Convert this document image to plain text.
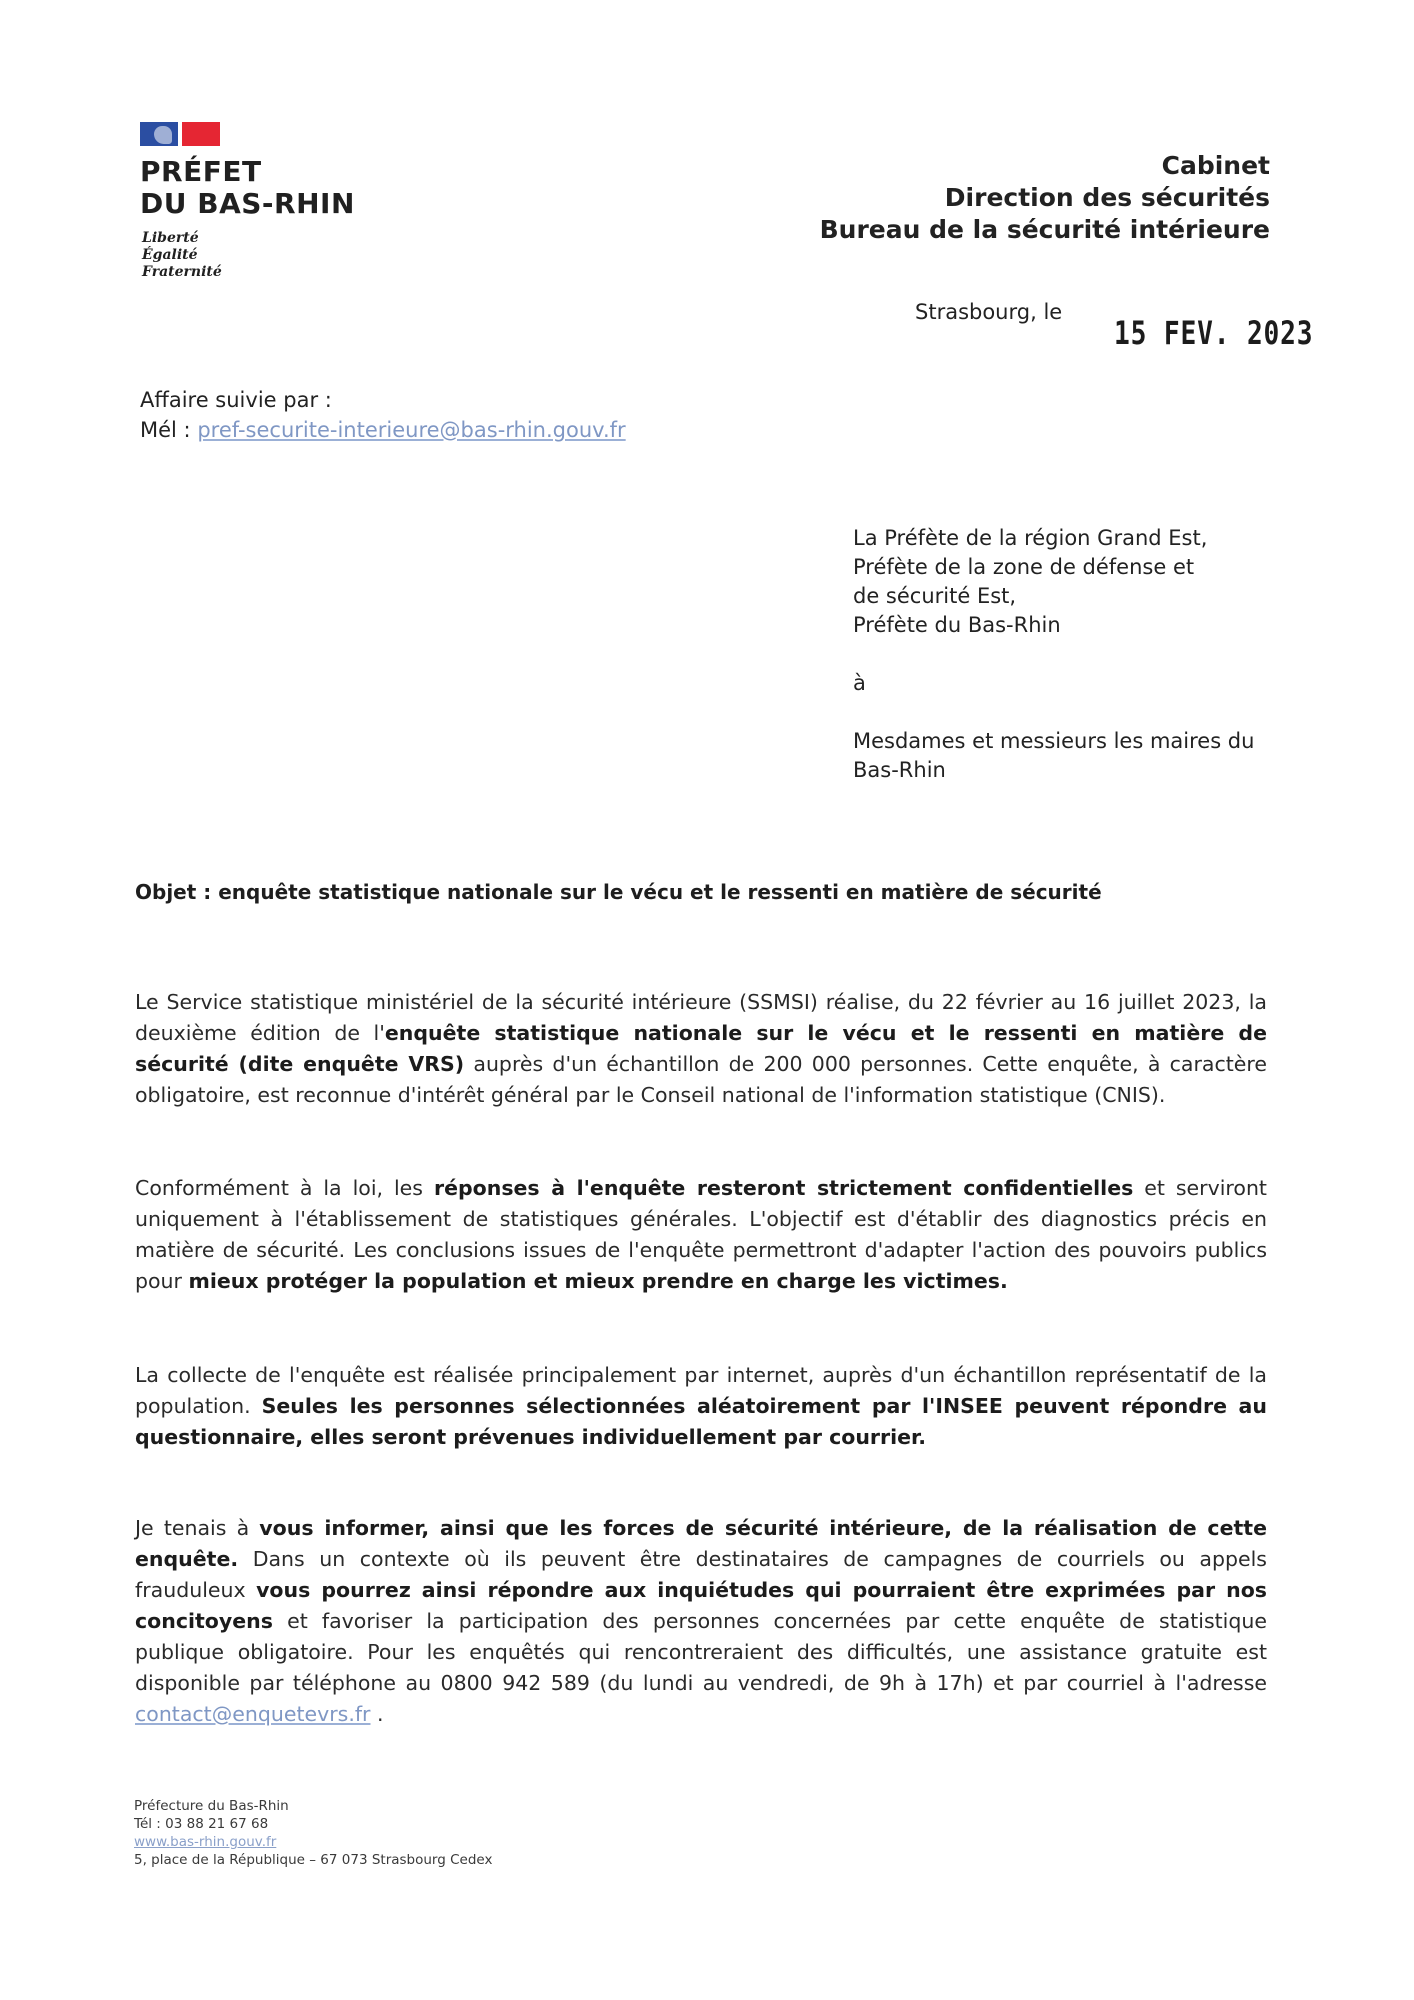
PRÉFET
DU BAS-RHIN
Liberté
Égalité
Fraternité
Cabinet
Direction des sécurités
Bureau de la sécurité intérieure
Strasbourg, le
15 FEV. 2023
Affaire suivie par :
Mél : pref-securite-interieure@bas-rhin.gouv.fr

La Préfète de la région Grand Est,

Préfète de la zone de défense et

de sécurité Est,

Préfète du Bas-Rhin

à

Mesdames et messieurs les maires du

Bas-Rhin

Objet : enquête statistique nationale sur le vécu et le ressenti en matière de sécurité

Le Service statistique ministériel de la sécurité intérieure (SSMSI) réalise, du 22 février au 16 juillet 2023, la deuxième édition de l'enquête statistique nationale sur le vécu et le ressenti en matière de sécurité (dite enquête VRS) auprès d'un échantillon de 200 000 personnes. Cette enquête, à caractère obligatoire, est reconnue d'intérêt général par le Conseil national de l'information statistique (CNIS).

Conformément à la loi, les réponses à l'enquête resteront strictement confidentielles et serviront uniquement à l'établissement de statistiques générales. L'objectif est d'établir des diagnostics précis en matière de sécurité. Les conclusions issues de l'enquête permettront d'adapter l'action des pouvoirs publics pour mieux protéger la population et mieux prendre en charge les victimes.

La collecte de l'enquête est réalisée principalement par internet, auprès d'un échantillon représentatif de la population. Seules les personnes sélectionnées aléatoirement par l'INSEE peuvent répondre au questionnaire, elles seront prévenues individuellement par courrier.

Je tenais à vous informer, ainsi que les forces de sécurité intérieure, de la réalisation de cette enquête. Dans un contexte où ils peuvent être destinataires de campagnes de courriels ou appels frauduleux vous pourrez ainsi répondre aux inquiétudes qui pourraient être exprimées par nos concitoyens et favoriser la participation des personnes concernées par cette enquête de statistique publique obligatoire. Pour les enquêtés qui rencontreraient des difficultés, une assistance gratuite est disponible par téléphone au 0800 942 589 (du lundi au vendredi, de 9h à 17h) et par courriel à l'adresse contact@enquetevrs.fr .

Préfecture du Bas-Rhin
Tél : 03 88 21 67 68
www.bas-rhin.gouv.fr
5, place de la République – 67 073 Strasbourg Cedex
